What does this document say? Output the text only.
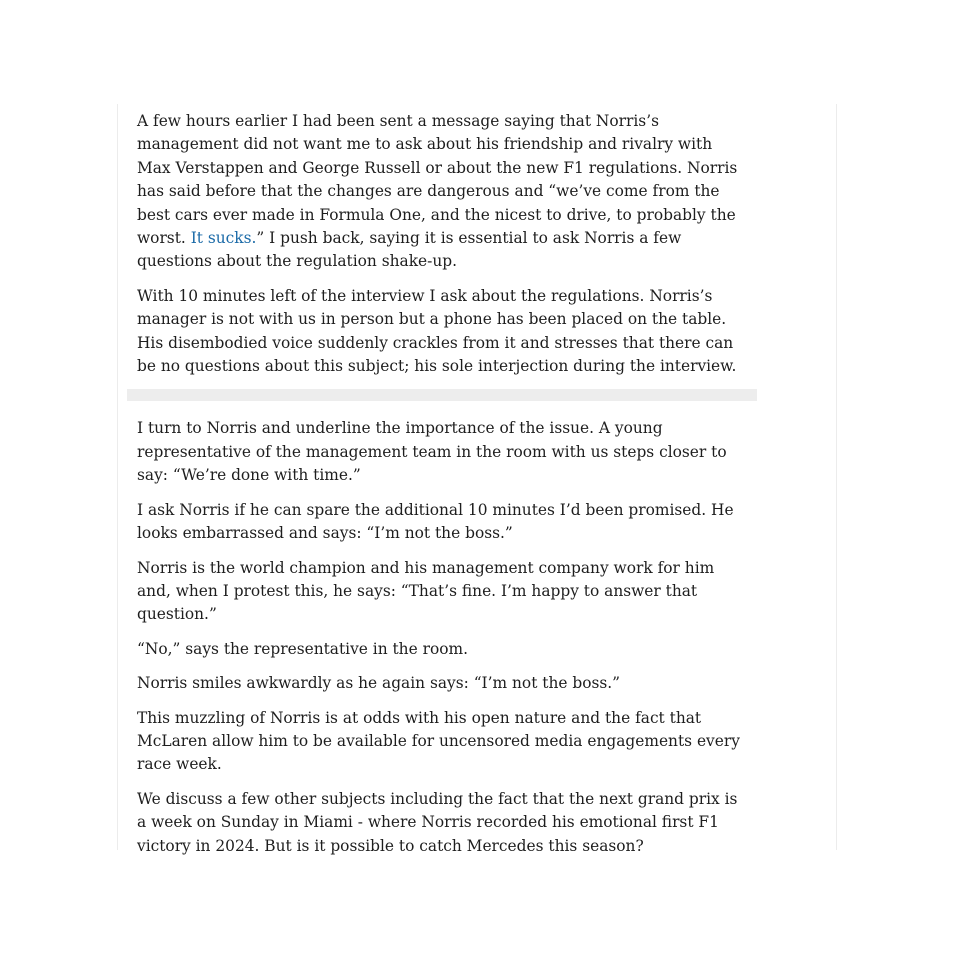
A few hours earlier I had been sent a message saying that Norris’s management did not want me to ask about his friendship and rivalry with Max Verstappen and George Russell or about the new F1 regulations. Norris has said before that the changes are dangerous and “we’ve come from the best cars ever made in Formula One, and the nicest to drive, to probably the worst. It sucks.” I push back, saying it is essential to ask Norris a few questions about the regulation shake-up.

With 10 minutes left of the interview I ask about the regulations. Norris’s manager is not with us in person but a phone has been placed on the table. His disembodied voice suddenly crackles from it and stresses that there can be no questions about this subject; his sole interjection during the interview.

I turn to Norris and underline the importance of the issue. A young representative of the management team in the room with us steps closer to say: “We’re done with time.”

I ask Norris if he can spare the additional 10 minutes I’d been promised. He looks embarrassed and says: “I’m not the boss.”

Norris is the world champion and his management company work for him and, when I protest this, he says: “That’s fine. I’m happy to answer that question.”

“No,” says the representative in the room.

Norris smiles awkwardly as he again says: “I’m not the boss.”

This muzzling of Norris is at odds with his open nature and the fact that McLaren allow him to be available for uncensored media engagements every race week.

We discuss a few other subjects including the fact that the next grand prix is a week on Sunday in Miami - where Norris recorded his emotional first F1 victory in 2024. But is it possible to catch Mercedes this season?
